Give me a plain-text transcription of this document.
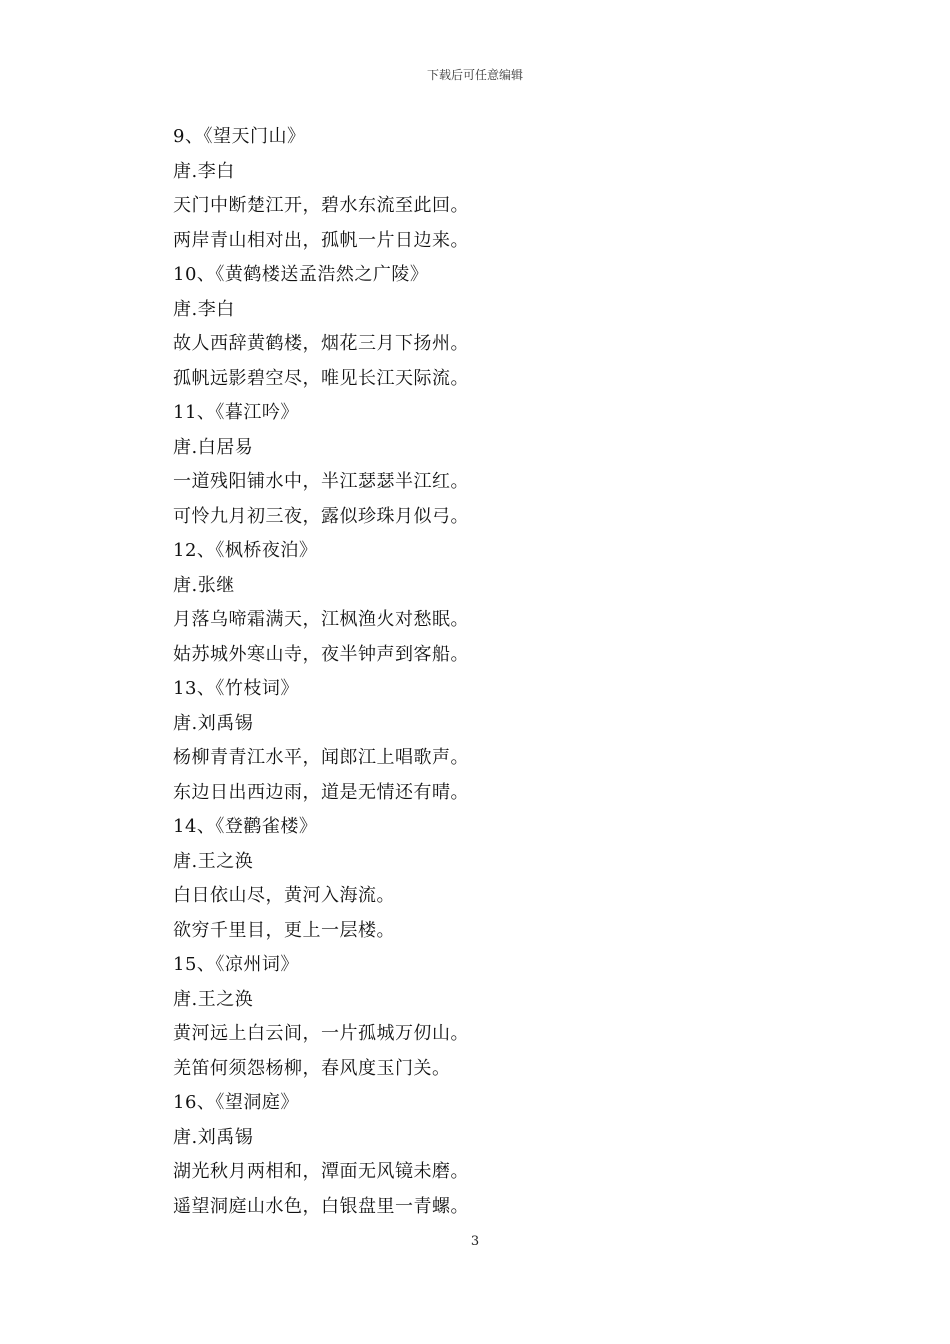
下载后可任意编辑
9、《望天门山》
唐.李白
天门中断楚江开，碧水东流至此回。
两岸青山相对出，孤帆一片日边来。
10、《黄鹤楼送孟浩然之广陵》
唐.李白
故人西辞黄鹤楼，烟花三月下扬州。
孤帆远影碧空尽，唯见长江天际流。
11、《暮江吟》
唐.白居易
一道残阳铺水中，半江瑟瑟半江红。
可怜九月初三夜，露似珍珠月似弓。
12、《枫桥夜泊》
唐.张继
月落乌啼霜满天，江枫渔火对愁眠。
姑苏城外寒山寺，夜半钟声到客船。
13、《竹枝词》
唐.刘禹锡
杨柳青青江水平，闻郎江上唱歌声。
东边日出西边雨，道是无情还有晴。
14、《登鹳雀楼》
唐.王之涣
白日依山尽，黄河入海流。
欲穷千里目，更上一层楼。
15、《凉州词》
唐.王之涣
黄河远上白云间，一片孤城万仞山。
羌笛何须怨杨柳，春风度玉门关。
16、《望洞庭》
唐.刘禹锡
湖光秋月两相和，潭面无风镜未磨。
遥望洞庭山水色，白银盘里一青螺。
3
